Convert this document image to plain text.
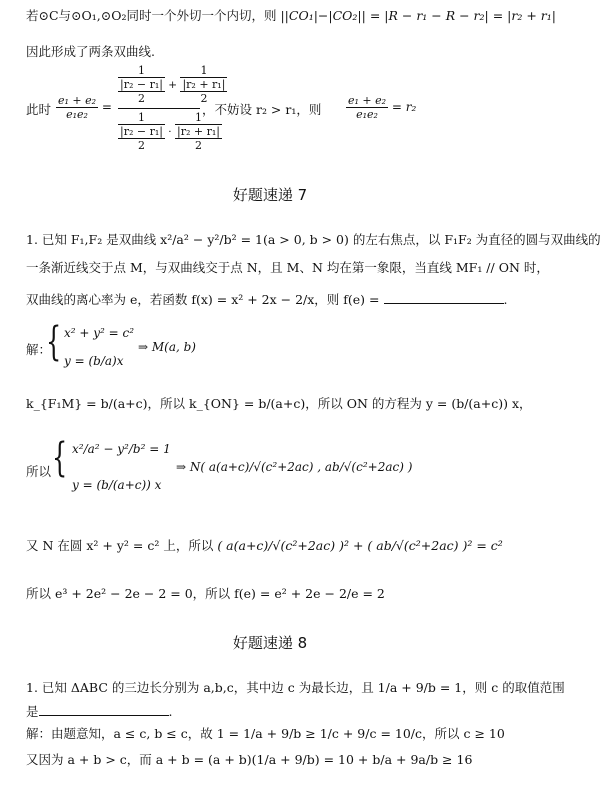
若⊙C与⊙O₁,⊙O₂同时一个外切一个内切，则 ||CO₁|−|CO₂|| = |R − r₁ − R − r₂| = |r₂ + r₁|
因此形成了两条双曲线.
此时 $\frac{\text{e₁ + e₂}}{\text{e₁e₂}}$ =
1
|r₂ − r₁|
2
+
1
|r₂ + r₁|
2
1
|r₂ − r₁|
2
·
1
|r₂ + r₁|
2
，不妨设 r₂ > r₁，则 $\frac{\text{e₁ + e₂}}{\text{e₁e₂}} = r_2$
好题速递 7
1. 已知 F₁,F₂ 是双曲线 x²/a² − y²/b² = 1(a > 0, b > 0) 的左右焦点，以 F₁F₂ 为直径的圆与双曲线的
一条渐近线交于点 M，与双曲线交于点 N，且 M、N 均在第一象限，当直线 MF₁ // ON 时，
双曲线的离心率为 e，若函数 f(x) = x² + 2x − 2/x，则 f(e) =	.
解：
{ x² + y² = c²
y = (b/a)x
⇒ M(a, b)
k_{F₁M} = b/(a+c)，所以 k_{ON} = b/(a+c)，所以 ON 的方程为 y = (b/(a+c)) x，
所以 { x²/a² − y²/b² = 1
y = (b/(a+c)) x
⇒ N( a(a+c)/√(c²+2ac) , ab/√(c²+2ac) )
又 N 在圆 x² + y² = c² 上，所以 ( a(a+c)/√(c²+2ac) )² + ( ab/√(c²+2ac) )² = c²
所以 e³ + 2e² − 2e − 2 = 0，所以 f(e) = e² + 2e − 2/e = 2
好题速递 8
1. 已知 ΔABC 的三边长分别为 a,b,c，其中边 c 为最长边，且 1/a + 9/b = 1，则 c 的取值范围
是	.
解：由题意知，a ≤ c, b ≤ c，故 1 = 1/a + 9/b ≥ 1/c + 9/c = 10/c，所以 c ≥ 10
又因为 a + b > c，而 a + b = (a + b)(1/a + 9/b) = 10 + b/a + 9a/b ≥ 16
